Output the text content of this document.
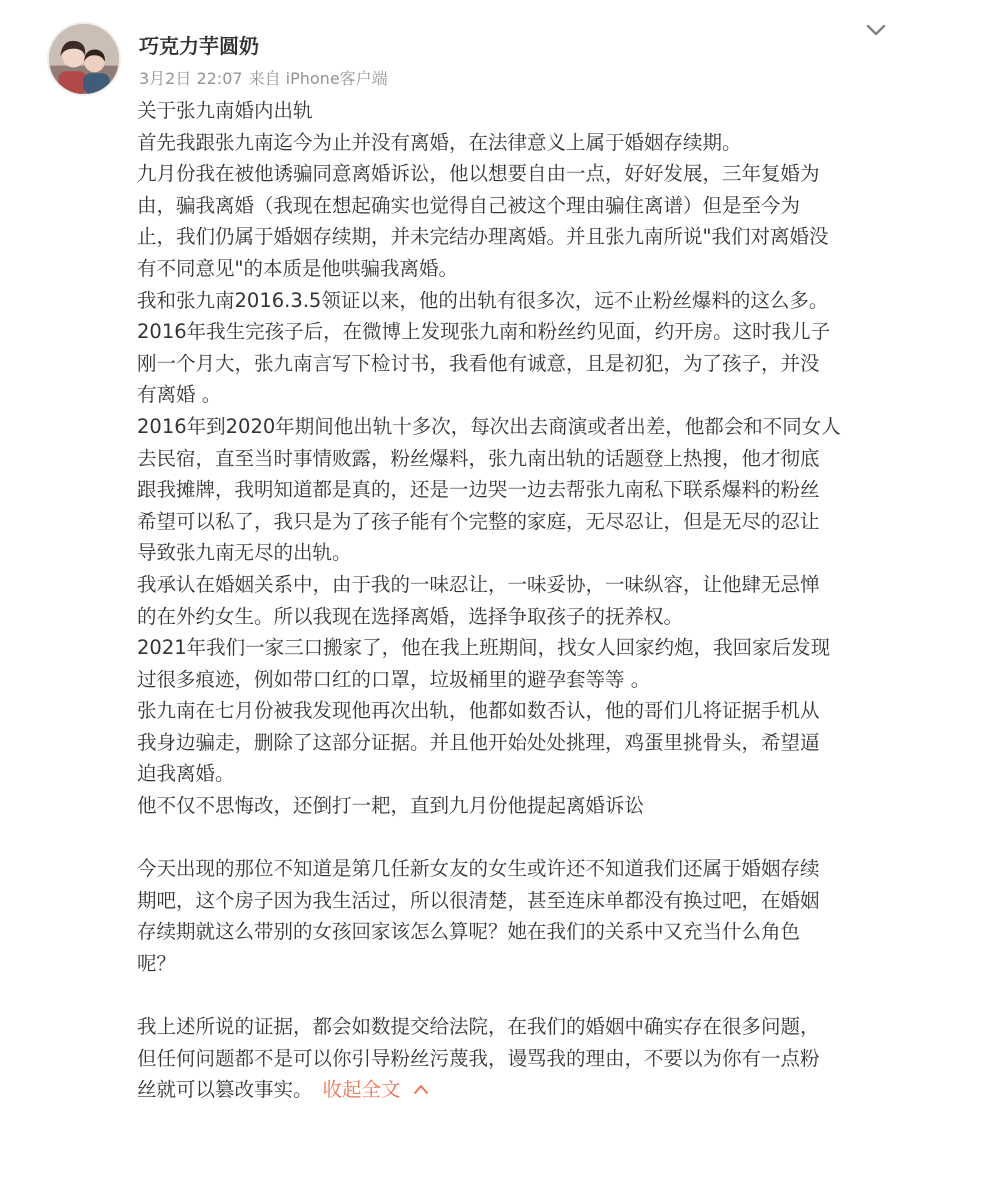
巧克力芋圆奶
3月2日 22:07 来自 iPhone客户端

关于张九南婚内出轨

首先我跟张九南迄今为止并没有离婚，在法律意义上属于婚姻存续期。

九月份我在被他诱骗同意离婚诉讼，他以想要自由一点，好好发展，三年复婚为
由，骗我离婚（我现在想起确实也觉得自己被这个理由骗住离谱）但是至今为
止，我们仍属于婚姻存续期，并未完结办理离婚。并且张九南所说"我们对离婚没
有不同意见"的本质是他哄骗我离婚。

我和张九南2016.3.5领证以来，他的出轨有很多次，远不止粉丝爆料的这么多。

2016年我生完孩子后，在微博上发现张九南和粉丝约见面，约开房。这时我儿子
刚一个月大，张九南言写下检讨书，我看他有诚意，且是初犯，为了孩子，并没
有离婚 。

2016年到2020年期间他出轨十多次，每次出去商演或者出差，他都会和不同女人
去民宿，直至当时事情败露，粉丝爆料，张九南出轨的话题登上热搜，他才彻底
跟我摊牌，我明知道都是真的，还是一边哭一边去帮张九南私下联系爆料的粉丝
希望可以私了，我只是为了孩子能有个完整的家庭，无尽忍让，但是无尽的忍让
导致张九南无尽的出轨。

我承认在婚姻关系中，由于我的一味忍让，一味妥协，一味纵容，让他肆无忌惮
的在外约女生。所以我现在选择离婚，选择争取孩子的抚养权。

2021年我们一家三口搬家了，他在我上班期间，找女人回家约炮，我回家后发现
过很多痕迹，例如带口红的口罩，垃圾桶里的避孕套等等 。

张九南在七月份被我发现他再次出轨，他都如数否认，他的哥们儿将证据手机从
我身边骗走，删除了这部分证据。并且他开始处处挑理，鸡蛋里挑骨头，希望逼
迫我离婚。

他不仅不思悔改，还倒打一耙，直到九月份他提起离婚诉讼

今天出现的那位不知道是第几任新女友的女生或许还不知道我们还属于婚姻存续
期吧，这个房子因为我生活过，所以很清楚，甚至连床单都没有换过吧，在婚姻
存续期就这么带别的女孩回家该怎么算呢？她在我们的关系中又充当什么角色
呢？

我上述所说的证据，都会如数提交给法院，在我们的婚姻中确实存在很多问题，
但任何问题都不是可以你引导粉丝污蔑我，谩骂我的理由，不要以为你有一点粉
丝就可以篡改事实。 收起全文
